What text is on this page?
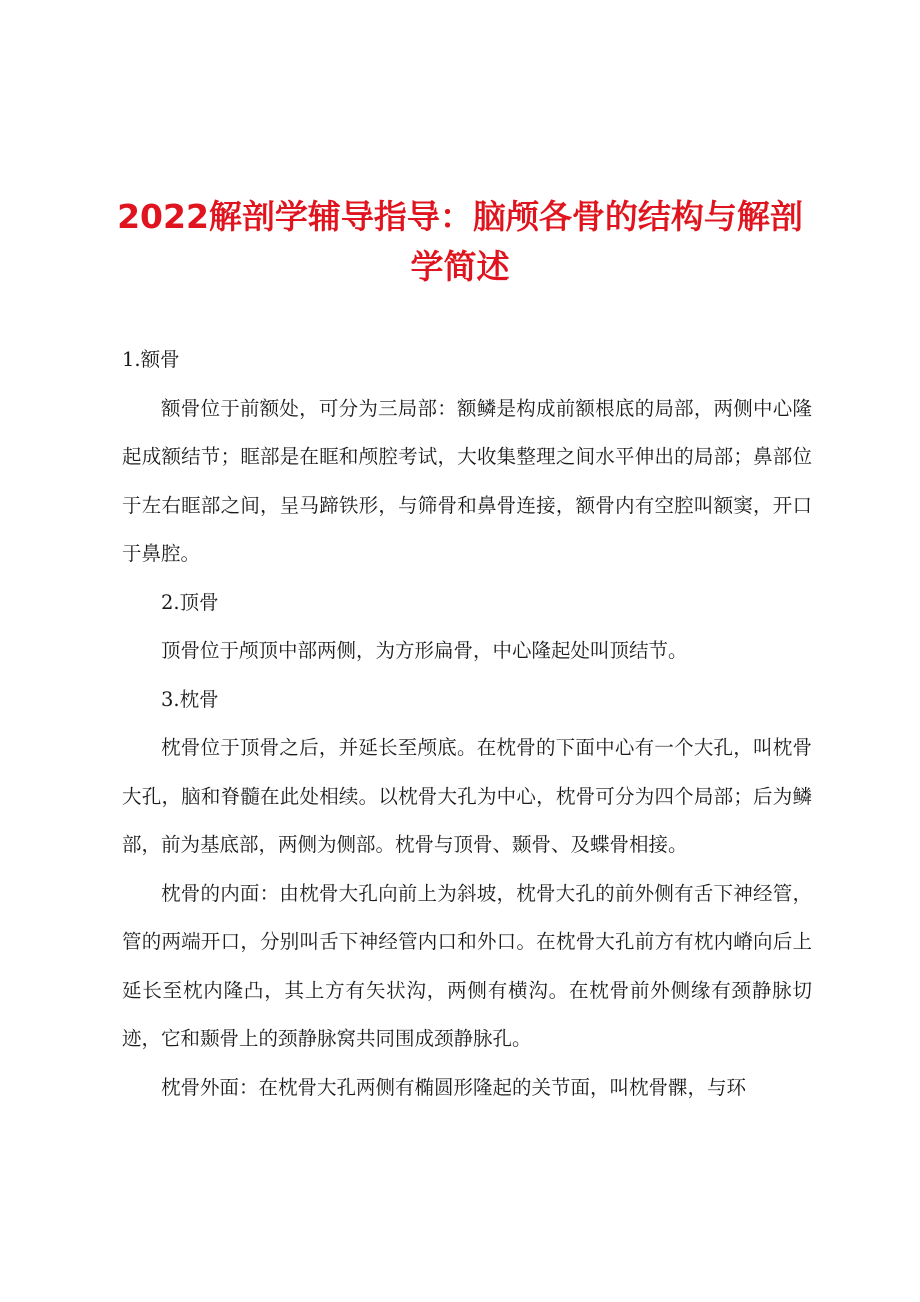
2022解剖学辅导指导：脑颅各骨的结构与解剖
学简述

1.额骨

额骨位于前额处，可分为三局部：额鳞是构成前额根底的局部，两侧中心隆起成额结节；眶部是在眶和颅腔考试，大收集整理之间水平伸出的局部；鼻部位于左右眶部之间，呈马蹄铁形，与筛骨和鼻骨连接，额骨内有空腔叫额窦，开口于鼻腔。

2.顶骨

顶骨位于颅顶中部两侧，为方形扁骨，中心隆起处叫顶结节。

3.枕骨

枕骨位于顶骨之后，并延长至颅底。在枕骨的下面中心有一个大孔，叫枕骨大孔，脑和脊髓在此处相续。以枕骨大孔为中心，枕骨可分为四个局部；后为鳞部，前为基底部，两侧为侧部。枕骨与顶骨、颞骨、及蝶骨相接。

枕骨的内面：由枕骨大孔向前上为斜坡，枕骨大孔的前外侧有舌下神经管，管的两端开口，分别叫舌下神经管内口和外口。在枕骨大孔前方有枕内嵴向后上延长至枕内隆凸，其上方有矢状沟，两侧有横沟。在枕骨前外侧缘有颈静脉切迹，它和颞骨上的颈静脉窝共同围成颈静脉孔。

枕骨外面：在枕骨大孔两侧有椭圆形隆起的关节面，叫枕骨髁，与环
